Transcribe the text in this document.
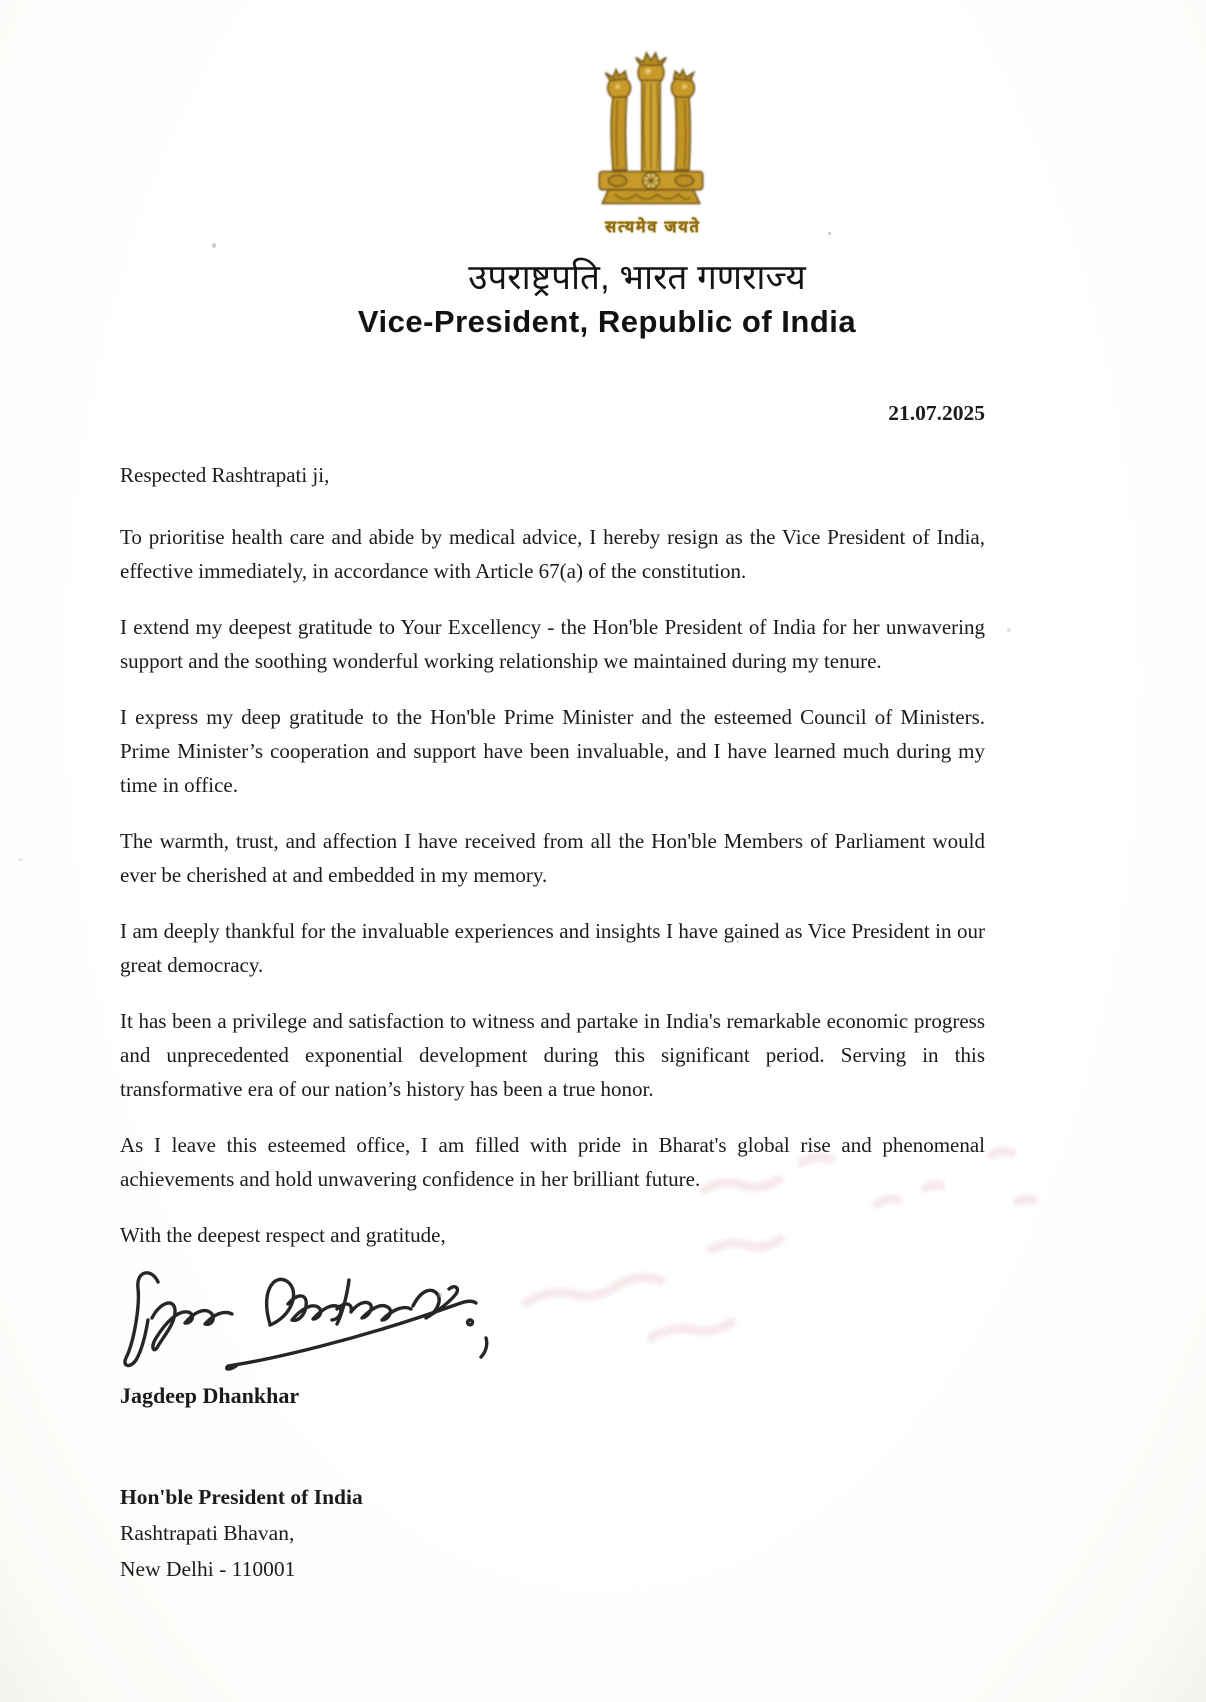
सत्यमेव जयते
उपराष्ट्रपति, भारत गणराज्य
Vice-President, Republic of India
21.07.2025
Respected Rashtrapati ji,

To prioritise health care and abide by medical advice, I hereby resign as the Vice President of India, effective immediately, in accordance with Article 67(a) of the constitution.

I extend my deepest gratitude to Your Excellency - the Hon'ble President of India for her unwavering support and the soothing wonderful working relationship we maintained during my tenure.

I express my deep gratitude to the Hon'ble Prime Minister and the esteemed Council of Ministers. Prime Minister’s cooperation and support have been invaluable, and I have learned much during my time in office.

The warmth, trust, and affection I have received from all the Hon'ble Members of Parliament would ever be cherished at and embedded in my memory.

I am deeply thankful for the invaluable experiences and insights I have gained as Vice President in our great democracy.

It has been a privilege and satisfaction to witness and partake in India's remarkable economic progress and unprecedented exponential development during this significant period. Serving in this transformative era of our nation’s history has been a true honor.

As I leave this esteemed office, I am filled with pride in Bharat's global rise and phenomenal achievements and hold unwavering confidence in her brilliant future.

With the deepest respect and gratitude,

Jagdeep Dhankhar
Hon'ble President of India
Rashtrapati Bhavan,
New Delhi - 110001
